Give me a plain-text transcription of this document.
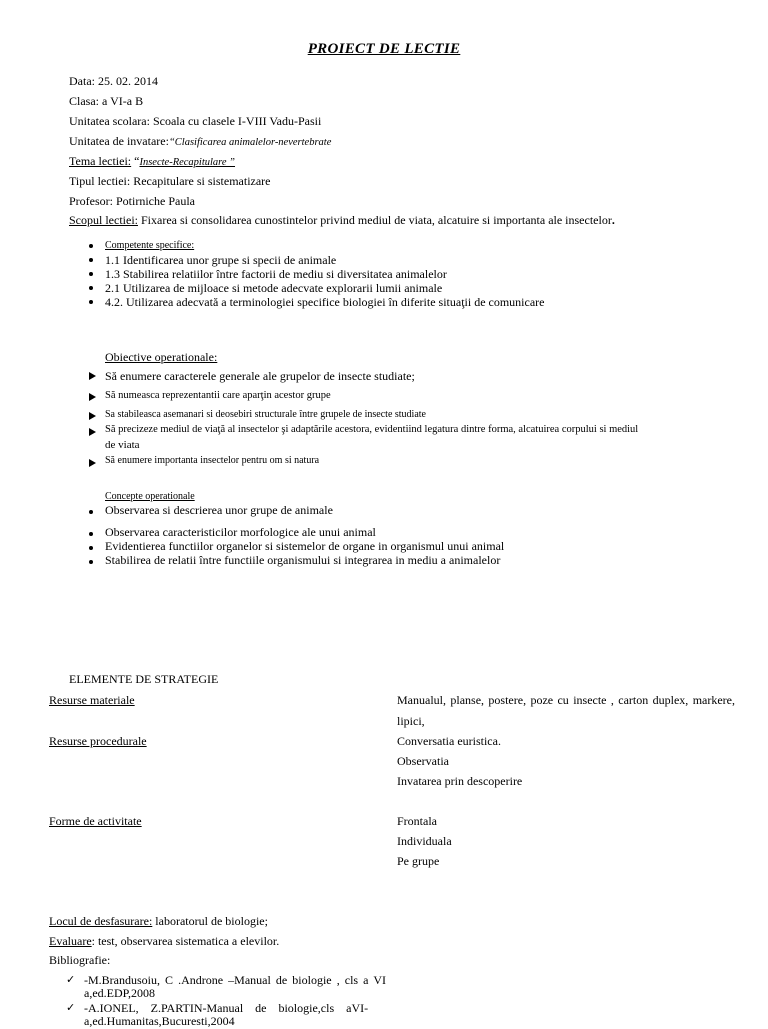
PROIECT DE LECTIE
Data: 25. 02. 2014
Clasa: a VI-a B
Unitatea scolara: Scoala cu clasele I-VIII Vadu-Pasii
Unitatea de invatare:“Clasificarea animalelor-nevertebrate
Tema lectiei: “Insecte-Recapitulare ”
Tipul lectiei: Recapitulare si sistematizare
Profesor: Potirniche Paula
Scopul lectiei: Fixarea si consolidarea cunostintelor privind mediul de viata, alcatuire si importanta ale insectelor.
Competente specifice:
1.1 Identificarea unor grupe si specii de animale
1.3 Stabilirea relatiilor între factorii de mediu si diversitatea animalelor
2.1 Utilizarea de mijloace si metode adecvate explorarii lumii animale
4.2. Utilizarea adecvată a terminologiei specifice biologiei în diferite situaţii de comunicare
Obiective operationale:
Să enumere caracterele generale ale grupelor de insecte studiate;
Să numeasca reprezentantii care aparţin acestor grupe
Sa stabileasca asemanari si deosebiri structurale între grupele de insecte studiate
Să precizeze mediul de viaţă al insectelor şi adaptările acestora, evidentiind legatura dintre forma, alcatuirea corpului si mediul
de viata
Să enumere importanta insectelor pentru om si natura
Concepte operationale
Observarea si descrierea unor grupe de animale
Observarea caracteristicilor morfologice ale unui animal
Evidentierea functiilor organelor si sistemelor de organe in organismul unui animal
Stabilirea de relatii între functiile organismului si integrarea in mediu a animalelor
ELEMENTE DE STRATEGIE
Resurse materiale	Manualul, planse, postere, poze cu insecte , carton duplex, markere,
lipici,
Resurse procedurale	Conversatia euristica.
Observatia
Invatarea prin descoperire
Forme de activitate	Frontala
Individuala
Pe grupe
Locul de desfasurare: laboratorul de biologie;
Evaluare: test, observarea sistematica a elevilor.
Bibliografie:
✓ -M.Brandusoiu, C .Androne –Manual de biologie , cls a VI
a,ed.EDP,2008
✓ -A.IONEL,    Z.PARTIN-Manual    de    biologie,cls    aVI-
a,ed.Humanitas,Bucuresti,2004
